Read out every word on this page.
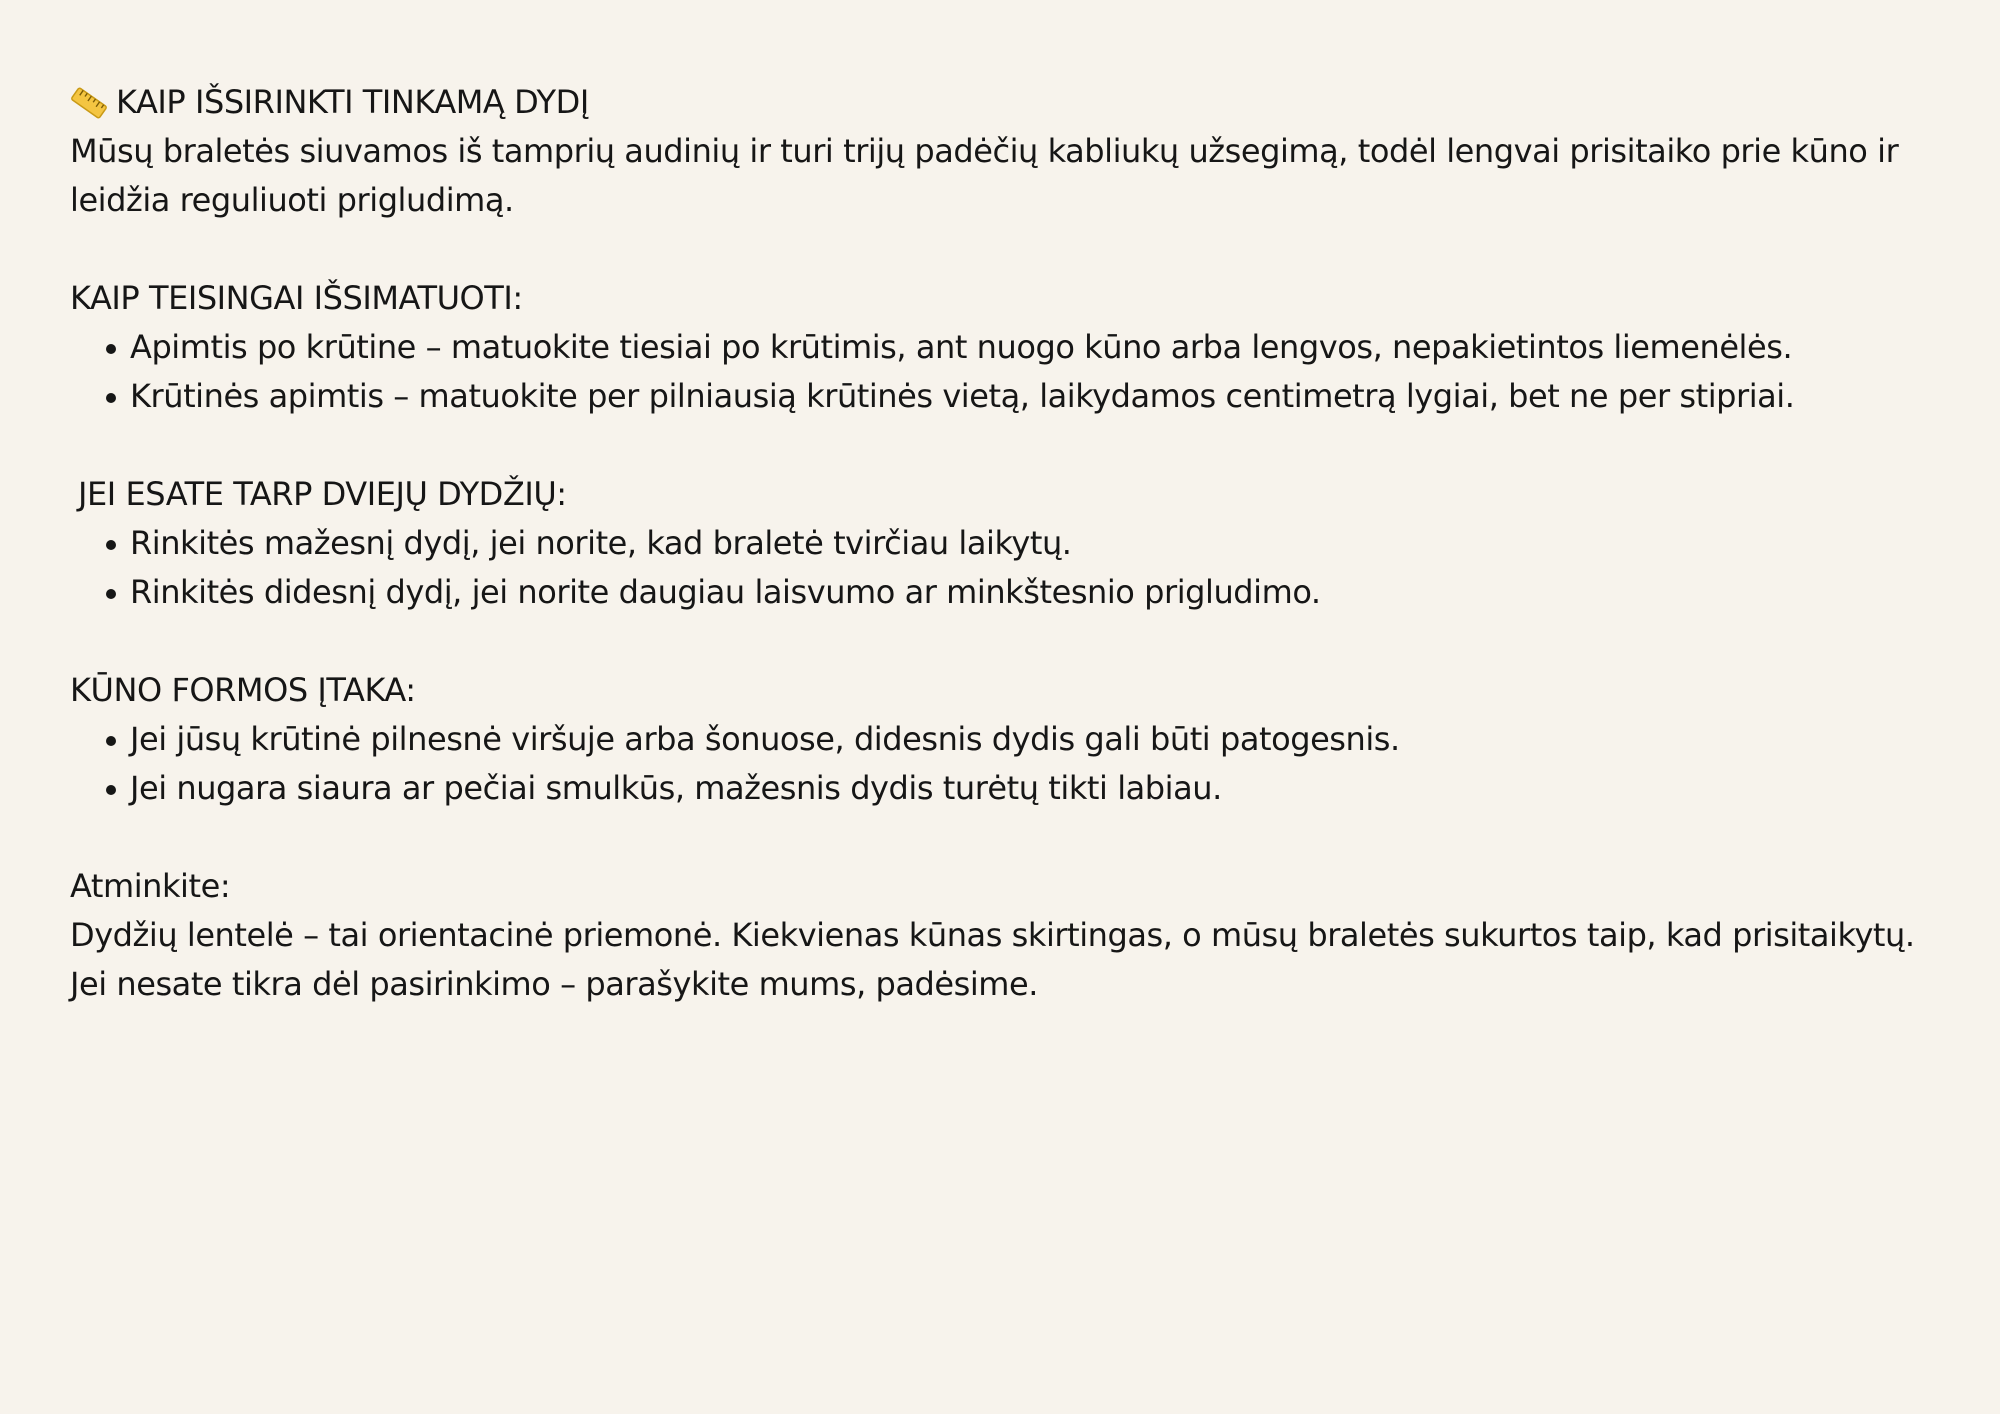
KAIP IŠSIRINKTI TINKAMĄ DYDĮ

Mūsų braletės siuvamos iš tamprių audinių ir turi trijų padėčių kabliukų užsegimą, todėl lengvai prisitaiko prie kūno ir leidžia reguliuoti prigludimą.

KAIP TEISINGAI IŠSIMATUOTI:

Apimtis po krūtine – matuokite tiesiai po krūtimis, ant nuogo kūno arba lengvos, nepakietintos liemenėlės.
Krūtinės apimtis – matuokite per pilniausią krūtinės vietą, laikydamos centimetrą lygiai, bet ne per stipriai.

JEI ESATE TARP DVIEJŲ DYDŽIŲ:

Rinkitės mažesnį dydį, jei norite, kad braletė tvirčiau laikytų.
Rinkitės didesnį dydį, jei norite daugiau laisvumo ar minkštesnio prigludimo.

KŪNO FORMOS ĮTAKA:

Jei jūsų krūtinė pilnesnė viršuje arba šonuose, didesnis dydis gali būti patogesnis.
Jei nugara siaura ar pečiai smulkūs, mažesnis dydis turėtų tikti labiau.

Atminkite:

Dydžių lentelė – tai orientacinė priemonė. Kiekvienas kūnas skirtingas, o mūsų braletės sukurtos taip, kad prisitaikytų.

Jei nesate tikra dėl pasirinkimo – parašykite mums, padėsime.
